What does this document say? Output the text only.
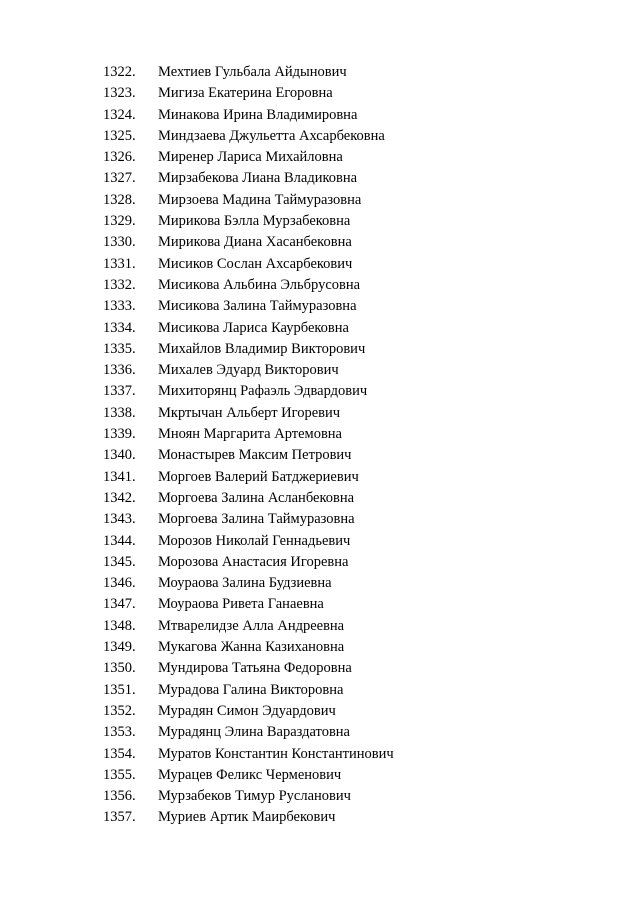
1322. Мехтиев Гульбала Айдынович
1323. Мигиза Екатерина Егоровна
1324. Минакова Ирина Владимировна
1325. Миндзаева Джульетта Ахсарбековна
1326. Миренер Лариса Михайловна
1327. Мирзабекова Лиана Владиковна
1328. Мирзоева Мадина Таймуразовна
1329. Мирикова Бэлла Мурзабековна
1330. Мирикова Диана Хасанбековна
1331. Мисиков Сослан Ахсарбекович
1332. Мисикова Альбина Эльбрусовна
1333. Мисикова Залина Таймуразовна
1334. Мисикова Лариса Каурбековна
1335. Михайлов Владимир Викторович
1336. Михалев Эдуард Викторович
1337. Михиторянц Рафаэль Эдвардович
1338. Мкртычан Альберт Игоревич
1339. Мноян Маргарита Артемовна
1340. Монастырев Максим Петрович
1341. Моргоев Валерий Батджериевич
1342. Моргоева Залина Асланбековна
1343. Моргоева Залина Таймуразовна
1344. Морозов Николай Геннадьевич
1345. Морозова Анастасия Игоревна
1346. Моураова Залина Будзиевна
1347. Моураова Ривета Ганаевна
1348. Мтварелидзе Алла Андреевна
1349. Мукагова Жанна Казихановна
1350. Мундирова Татьяна Федоровна
1351. Мурадова Галина Викторовна
1352. Мурадян Симон Эдуардович
1353. Мурадянц Элина Вараздатовна
1354. Муратов Константин Константинович
1355. Мурацев Феликс Черменович
1356. Мурзабеков Тимур Русланович
1357. Муриев Артик Маирбекович
